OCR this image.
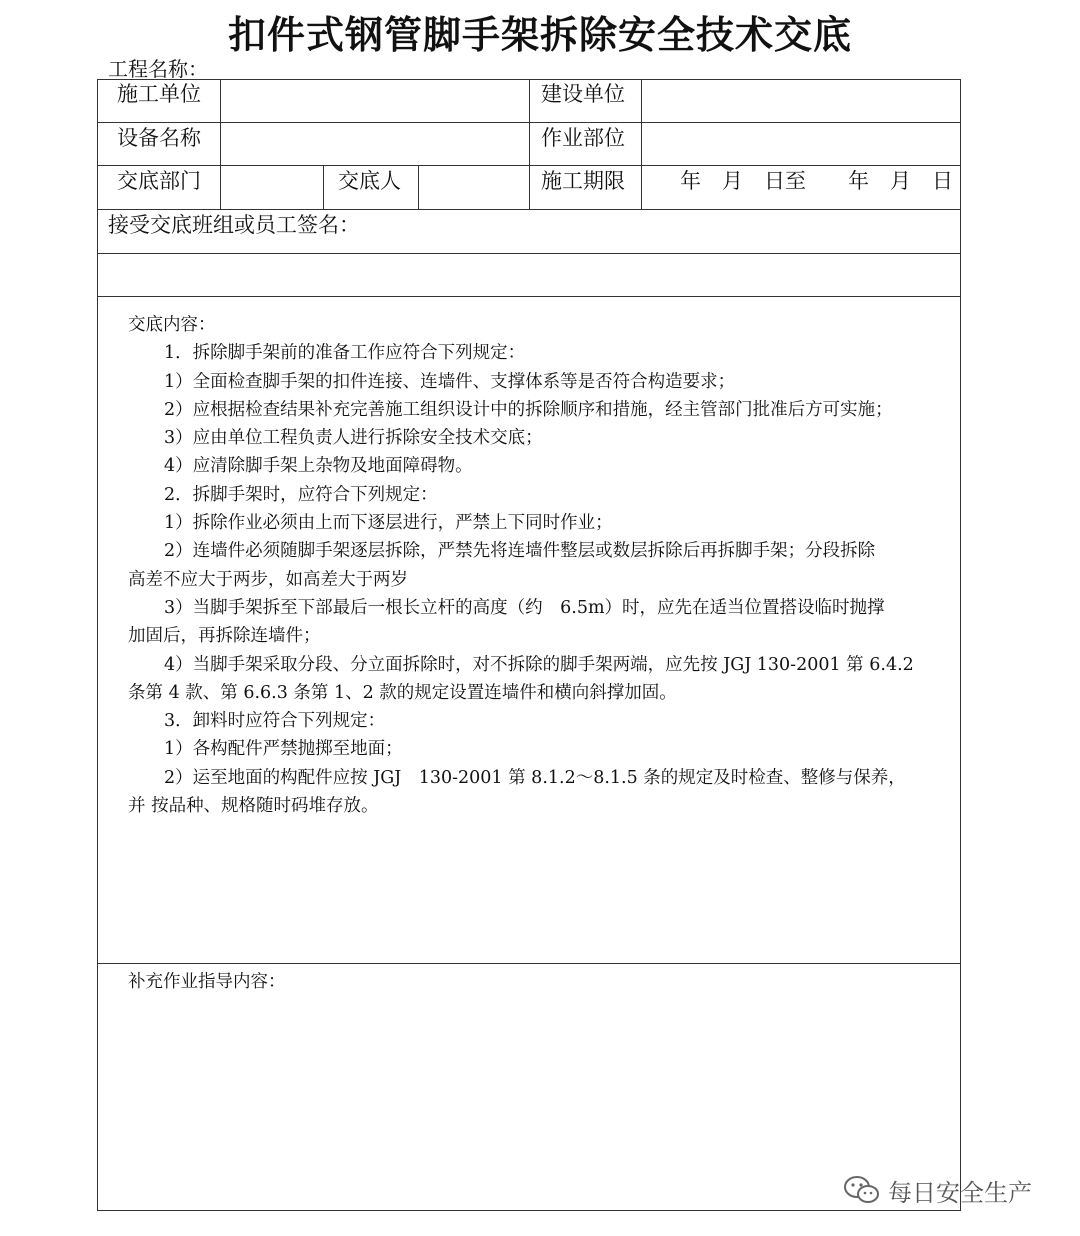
扣件式钢管脚手架拆除安全技术交底
工程名称：
施工单位	建设单位
设备名称	作业部位
交底部门	交底人	施工期限	年　月　日至　　年　月　日
接受交底班组或员工签名：
交底内容：
1．拆除脚手架前的准备工作应符合下列规定：
1）全面检查脚手架的扣件连接、连墙件、支撑体系等是否符合构造要求；
2）应根据检查结果补充完善施工组织设计中的拆除顺序和措施，经主管部门批准后方可实施；
3）应由单位工程负责人进行拆除安全技术交底；
4）应清除脚手架上杂物及地面障碍物。
2．拆脚手架时，应符合下列规定：
1）拆除作业必须由上而下逐层进行，严禁上下同时作业；
2）连墙件必须随脚手架逐层拆除，严禁先将连墙件整层或数层拆除后再拆脚手架；分段拆除
高差不应大于两步，如高差大于两岁
3）当脚手架拆至下部最后一根长立杆的高度（约　6.5m）时，应先在适当位置搭设临时抛撑
加固后，再拆除连墙件；
4）当脚手架采取分段、分立面拆除时，对不拆除的脚手架两端，应先按 JGJ 130-2001 第 6.4.2
条第 4 款、第 6.6.3 条第 1、2 款的规定设置连墙件和横向斜撑加固。
3．卸料时应符合下列规定：
1）各构配件严禁抛掷至地面；
2）运至地面的构配件应按 JGJ　130-2001 第 8.1.2～8.1.5 条的规定及时检查、整修与保养，
并 按品种、规格随时码堆存放。
补充作业指导内容：
每日安全生产
